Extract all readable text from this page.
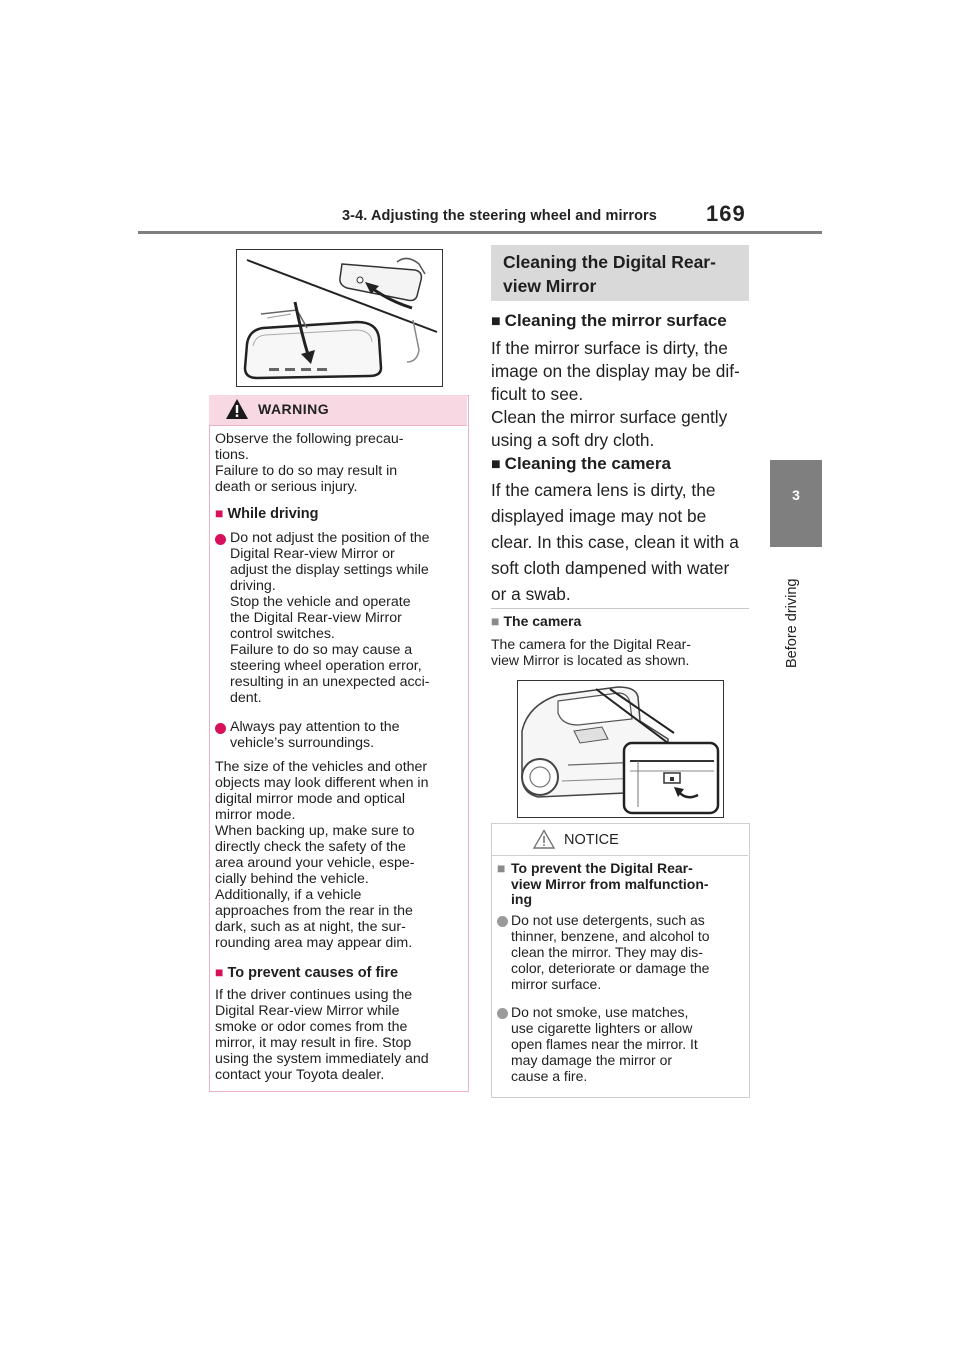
3-4. Adjusting the steering wheel and mirrors 169
3
Before driving
WARNING
Observe the following precau-
tions.
Failure to do so may result in
death or serious injury.
■ While driving
Do not adjust the position of the
Digital Rear-view Mirror or
adjust the display settings while
driving.
Stop the vehicle and operate
the Digital Rear-view Mirror
control switches.
Failure to do so may cause a
steering wheel operation error,
resulting in an unexpected acci-
dent.
Always pay attention to the
vehicle’s surroundings.
The size of the vehicles and other
objects may look different when in
digital mirror mode and optical
mirror mode.
When backing up, make sure to
directly check the safety of the
area around your vehicle, espe-
cially behind the vehicle.
Additionally, if a vehicle
approaches from the rear in the
dark, such as at night, the sur-
rounding area may appear dim.
■ To prevent causes of fire
If the driver continues using the
Digital Rear-view Mirror while
smoke or odor comes from the
mirror, it may result in fire. Stop
using the system immediately and
contact your Toyota dealer.
Cleaning the Digital Rear-
view Mirror
■ Cleaning the mirror surface
If the mirror surface is dirty, the
image on the display may be dif-
ficult to see.
Clean the mirror surface gently
using a soft dry cloth.
■ Cleaning the camera
If the camera lens is dirty, the
displayed image may not be
clear. In this case, clean it with a
soft cloth dampened with water
or a swab.
■ The camera
The camera for the Digital Rear-
view Mirror is located as shown.
NOTICE
■ To prevent the Digital Rear-
view Mirror from malfunction-
ing
Do not use detergents, such as
thinner, benzene, and alcohol to
clean the mirror. They may dis-
color, deteriorate or damage the
mirror surface.
Do not smoke, use matches,
use cigarette lighters or allow
open flames near the mirror. It
may damage the mirror or
cause a fire.
